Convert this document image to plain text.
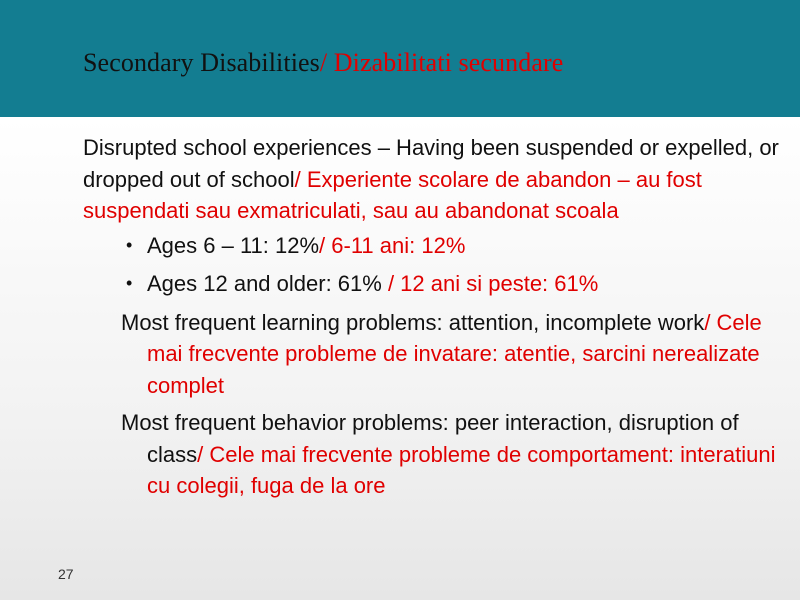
Secondary Disabilities/ Dizabilitati secundare

Disrupted school experiences – Having been suspended or expelled, or dropped out of school/ Experiente scolare de abandon – au fost suspendati sau exmatriculati, sau au abandonat scoala

• Ages 6 – 11: 12%/ 6-11 ani: 12%
• Ages 12 and older: 61% / 12 ani si peste: 61%

Most frequent learning problems: attention, incomplete work/ Cele mai frecvente probleme de invatare: atentie, sarcini nerealizate complet

Most frequent behavior problems: peer interaction, disruption of class/ Cele mai frecvente probleme de comportament: interatiuni cu colegii, fuga de la ore

27
